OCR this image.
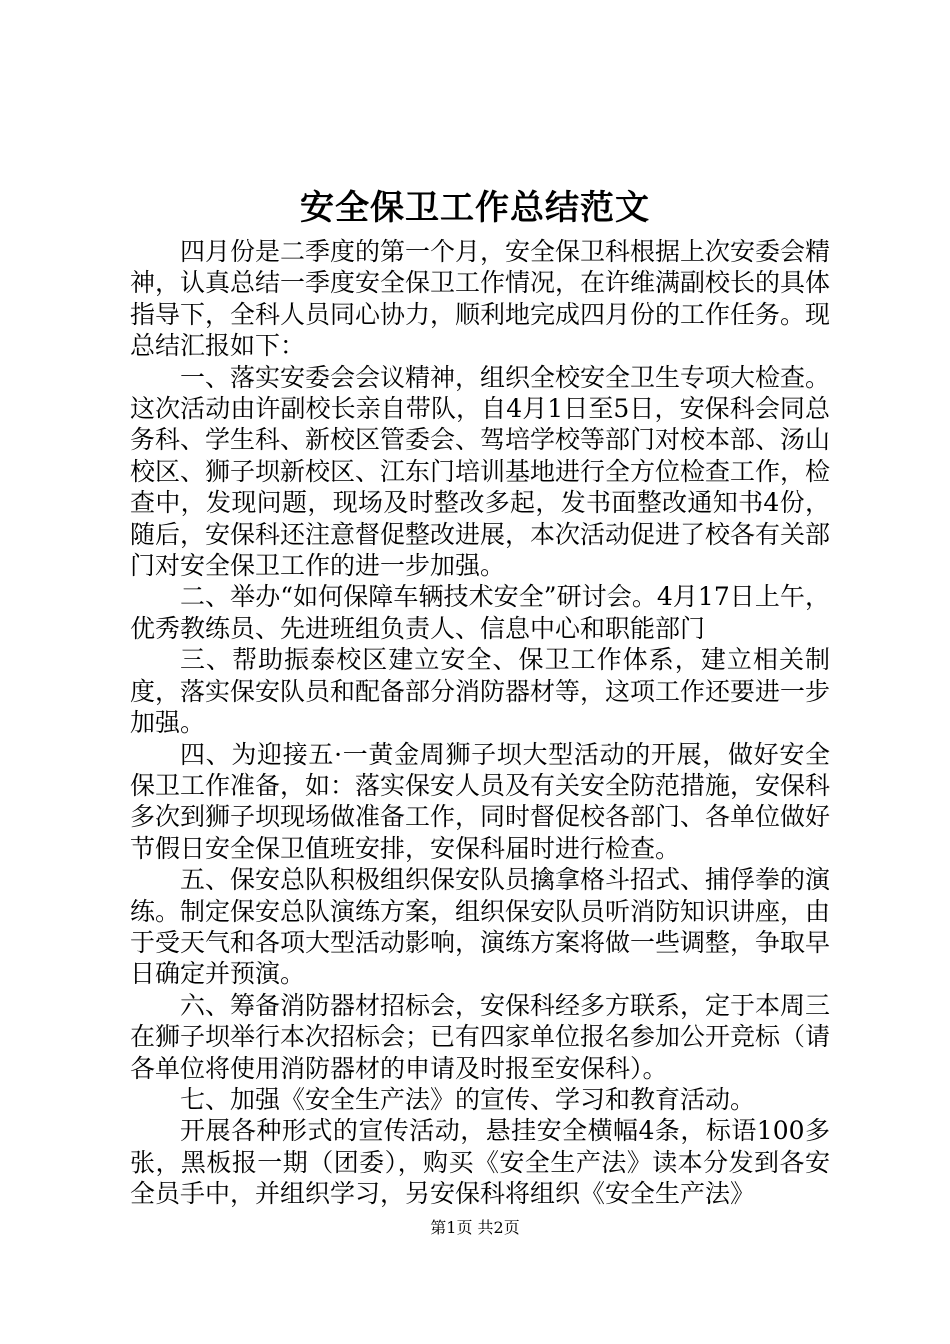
安全保卫工作总结范文

四月份是二季度的第一个月，安全保卫科根据上次安委会精神，认真总结一季度安全保卫工作情况，在许维满副校长的具体指导下，全科人员同心协力，顺利地完成四月份的工作任务。现总结汇报如下：

一、落实安委会会议精神，组织全校安全卫生专项大检查。这次活动由许副校长亲自带队，自4月1日至5日，安保科会同总务科、学生科、新校区管委会、驾培学校等部门对校本部、汤山校区、狮子坝新校区、江东门培训基地进行全方位检查工作，检查中，发现问题，现场及时整改多起，发书面整改通知书4份，随后，安保科还注意督促整改进展，本次活动促进了校各有关部门对安全保卫工作的进一步加强。

二、举办“如何保障车辆技术安全”研讨会。4月17日上午，优秀教练员、先进班组负责人、信息中心和职能部门

三、帮助振泰校区建立安全、保卫工作体系，建立相关制度，落实保安队员和配备部分消防器材等，这项工作还要进一步加强。

四、为迎接五·一黄金周狮子坝大型活动的开展，做好安全保卫工作准备，如：落实保安人员及有关安全防范措施，安保科多次到狮子坝现场做准备工作，同时督促校各部门、各单位做好节假日安全保卫值班安排，安保科届时进行检查。

五、保安总队积极组织保安队员擒拿格斗招式、捕俘拳的演练。制定保安总队演练方案，组织保安队员听消防知识讲座，由于受天气和各项大型活动影响，演练方案将做一些调整，争取早日确定并预演。

六、筹备消防器材招标会，安保科经多方联系，定于本周三在狮子坝举行本次招标会；已有四家单位报名参加公开竞标（请各单位将使用消防器材的申请及时报至安保科）。

七、加强《安全生产法》的宣传、学习和教育活动。

开展各种形式的宣传活动，悬挂安全横幅4条，标语100多张，黑板报一期（团委），购买《安全生产法》读本分发到各安全员手中，并组织学习，另安保科将组织《安全生产法》

第1页 共2页
